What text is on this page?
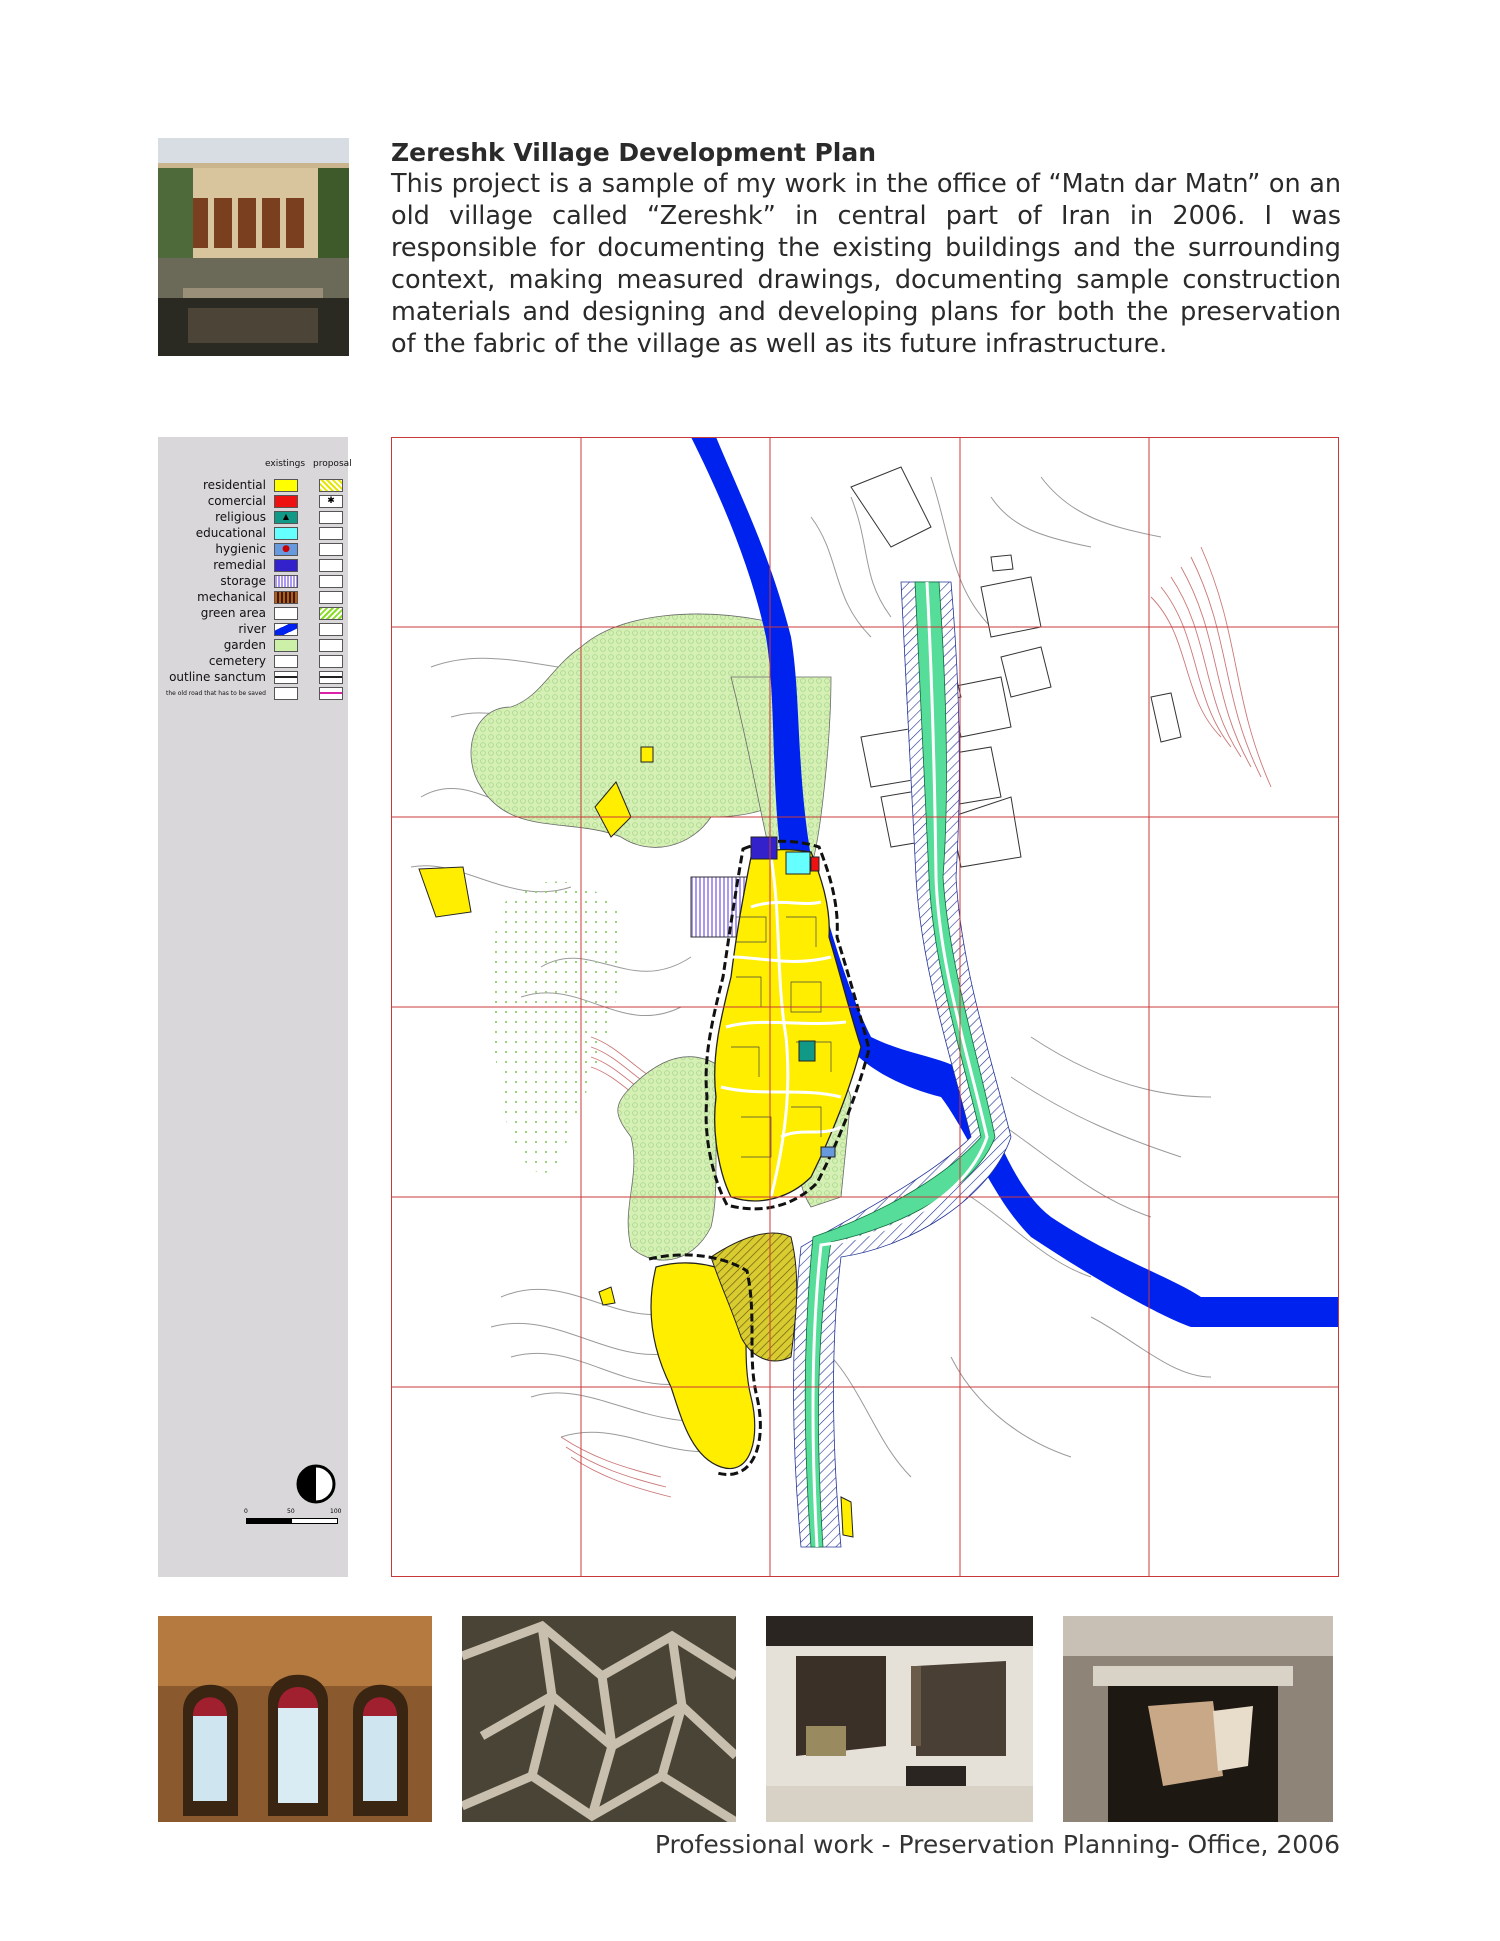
Zereshk Village Development Plan
This project is a sample of my work in the office of “Matn dar Matn” on an old village called “Zereshk” in central part of Iran in 2006. I was responsible for documenting the existing buildings and the surrounding context, making measured drawings, documenting sample construction materials and designing and developing plans for both the preservation of the fabric of the village as well as its future infrastructure.
existings proposal
residential
comercial	✱
religious	▲
educational
hygienic	●
remedial
storage
mechanical
green area
river
garden
cemetery
outline sanctum
the old road that has to be saved
0	50	100
Professional work - Preservation Planning- Office, 2006
